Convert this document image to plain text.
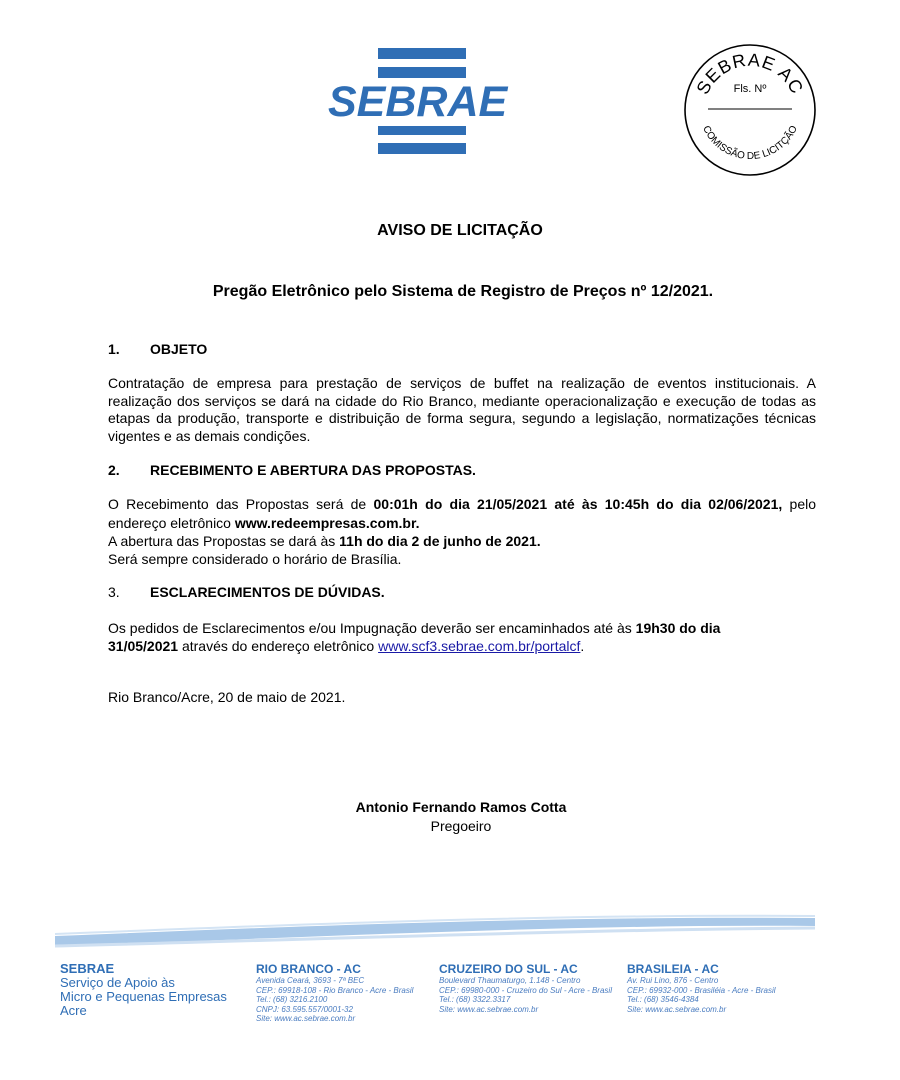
SEBRAE	SEBRAE AC
Fls. Nº
COMISSÃO DE LICITÇÃO
AVISO DE LICITAÇÃO
Pregão Eletrônico pelo Sistema de Registro de Preços nº 12/2021.
1. OBJETO
Contratação de empresa para prestação de serviços de buffet na realização de eventos institucionais. A realização dos serviços se dará na cidade do Rio Branco, mediante operacionalização e execução de todas as etapas da produção, transporte e distribuição de forma segura, segundo a legislação, normatizações técnicas vigentes e as demais condições.
2. RECEBIMENTO E ABERTURA DAS PROPOSTAS.
O Recebimento das Propostas será de 00:01h do dia 21/05/2021 até às 10:45h do dia 02/06/2021, pelo
endereço eletrônico www.redeempresas.com.br.
A abertura das Propostas se dará às 11h do dia 2 de junho de 2021.
Será sempre considerado o horário de Brasília.
3. ESCLARECIMENTOS DE DÚVIDAS.
Os pedidos de Esclarecimentos e/ou Impugnação deverão ser encaminhados até às 19h30 do dia
31/05/2021 através do endereço eletrônico www.scf3.sebrae.com.br/portalcf.
Rio Branco/Acre, 20 de maio de 2021.
Antonio Fernando Ramos Cotta
Pregoeiro
SEBRAE
Serviço de Apoio às
Micro e Pequenas Empresas
Acre
RIO BRANCO - AC
Avenida Ceará, 3693 - 7ª BEC
CEP.: 69918-108 - Rio Branco - Acre - Brasil
Tel.: (68) 3216.2100
CNPJ: 63.595.557/0001-32
Site: www.ac.sebrae.com.br
CRUZEIRO DO SUL - AC
Boulevard Thaumaturgo, 1.148 - Centro
CEP.: 69980-000 - Cruzeiro do Sul - Acre - Brasil
Tel.: (68) 3322.3317
Site: www.ac.sebrae.com.br
BRASILEIA - AC
Av. Rui Lino, 876 - Centro
CEP.: 69932-000 - Brasiléia - Acre - Brasil
Tel.: (68) 3546-4384
Site: www.ac.sebrae.com.br
